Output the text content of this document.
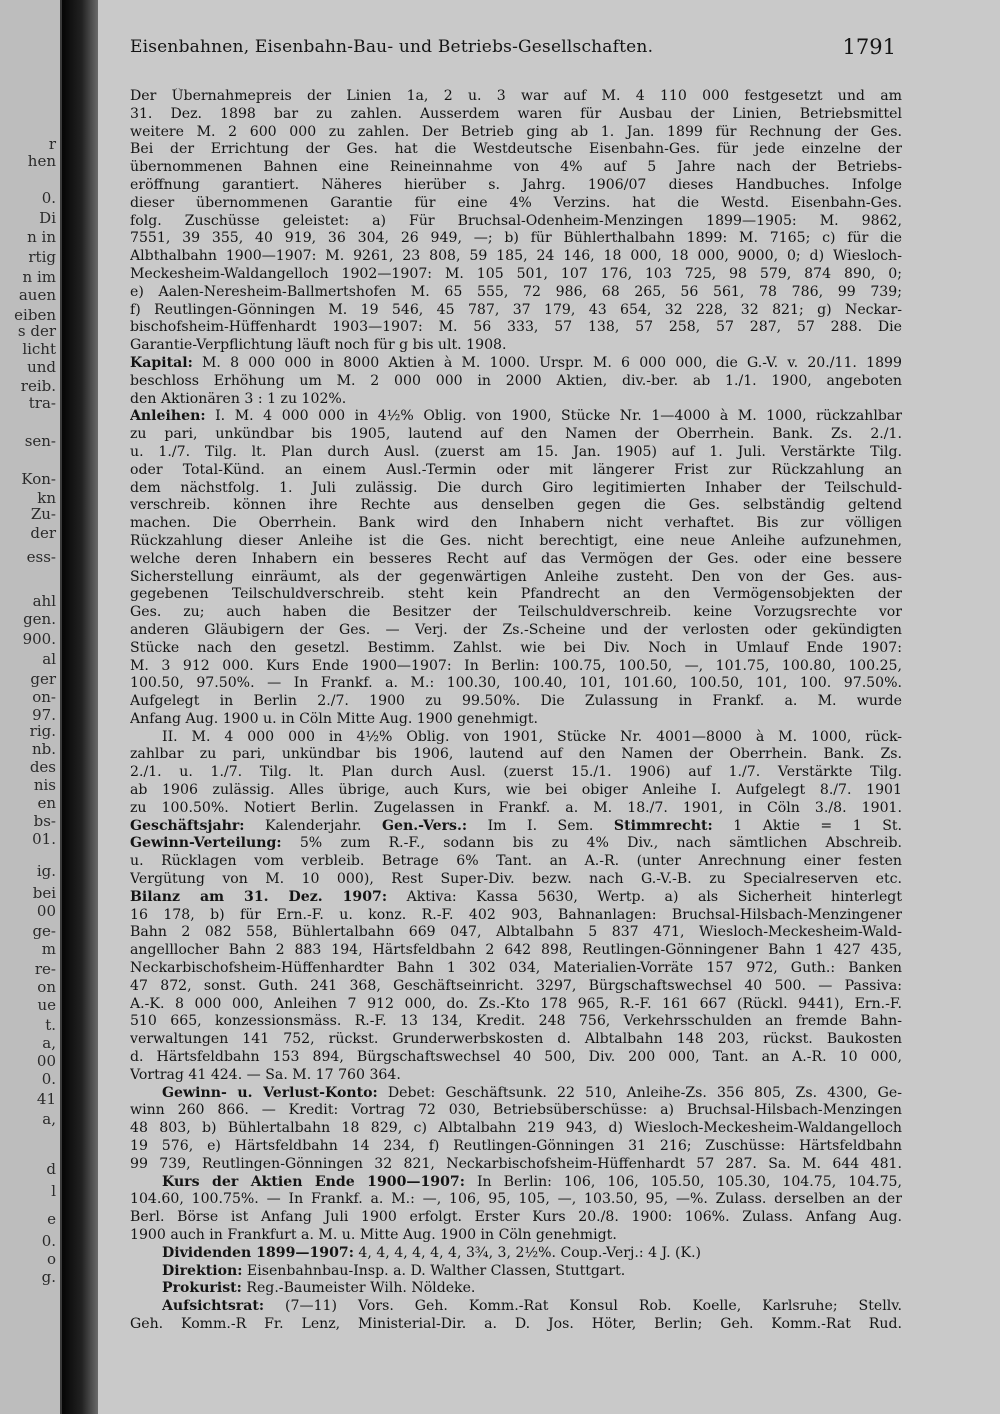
r
hen
0.
Di
n in
rtig
n im
auen
eiben
s der
licht
und
reib.
tra-
sen-
Kon-
kn
Zu-
der
ess-
ahl
gen.
900.
al
ger
on-
97.
rig.
nb.
des
nis
en
bs-
01.
ig.
bei
00
ge-
m
re-
on
ue
t.
a,
00
0.
41
a,
d
l
e
0.
o
g.
Eisenbahnen, Eisenbahn-Bau- und Betriebs-Gesellschaften.	1791
Der Übernahmepreis der Linien 1a, 2 u. 3 war auf M. 4 110 000 festgesetzt und am
31. Dez. 1898 bar zu zahlen. Ausserdem waren für Ausbau der Linien, Betriebsmittel
weitere M. 2 600 000 zu zahlen. Der Betrieb ging ab 1. Jan. 1899 für Rechnung der Ges.
Bei der Errichtung der Ges. hat die Westdeutsche Eisenbahn-Ges. für jede einzelne der
übernommenen Bahnen eine Reineinnahme von 4% auf 5 Jahre nach der Betriebs-
eröffnung garantiert. Näheres hierüber s. Jahrg. 1906/07 dieses Handbuches. Infolge
dieser übernommenen Garantie für eine 4% Verzins. hat die Westd. Eisenbahn-Ges.
folg. Zuschüsse geleistet: a) Für Bruchsal-Odenheim-Menzingen 1899—1905: M. 9862,
7551, 39 355, 40 919, 36 304, 26 949, —; b) für Bühlerthalbahn 1899: M. 7165; c) für die
Albthalbahn 1900—1907: M. 9261, 23 808, 59 185, 24 146, 18 000, 18 000, 9000, 0; d) Wiesloch-
Meckesheim-Waldangelloch 1902—1907: M. 105 501, 107 176, 103 725, 98 579, 874 890, 0;
e) Aalen-Neresheim-Ballmertshofen M. 65 555, 72 986, 68 265, 56 561, 78 786, 99 739;
f) Reutlingen-Gönningen M. 19 546, 45 787, 37 179, 43 654, 32 228, 32 821; g) Neckar-
bischofsheim-Hüffenhardt 1903—1907: M. 56 333, 57 138, 57 258, 57 287, 57 288. Die
Garantie-Verpflichtung läuft noch für g bis ult. 1908.
Kapital: M. 8 000 000 in 8000 Aktien à M. 1000. Urspr. M. 6 000 000, die G.-V. v. 20./11. 1899
beschloss Erhöhung um M. 2 000 000 in 2000 Aktien, div.-ber. ab 1./1. 1900, angeboten
den Aktionären 3 : 1 zu 102%.
Anleihen: I. M. 4 000 000 in 4½% Oblig. von 1900, Stücke Nr. 1—4000 à M. 1000, rückzahlbar
zu pari, unkündbar bis 1905, lautend auf den Namen der Oberrhein. Bank. Zs. 2./1.
u. 1./7. Tilg. lt. Plan durch Ausl. (zuerst am 15. Jan. 1905) auf 1. Juli. Verstärkte Tilg.
oder Total-Künd. an einem Ausl.-Termin oder mit längerer Frist zur Rückzahlung an
dem nächstfolg. 1. Juli zulässig. Die durch Giro legitimierten Inhaber der Teilschuld-
verschreib. können ihre Rechte aus denselben gegen die Ges. selbständig geltend
machen. Die Oberrhein. Bank wird den Inhabern nicht verhaftet. Bis zur völligen
Rückzahlung dieser Anleihe ist die Ges. nicht berechtigt, eine neue Anleihe aufzunehmen,
welche deren Inhabern ein besseres Recht auf das Vermögen der Ges. oder eine bessere
Sicherstellung einräumt, als der gegenwärtigen Anleihe zusteht. Den von der Ges. aus-
gegebenen Teilschuldverschreib. steht kein Pfandrecht an den Vermögensobjekten der
Ges. zu; auch haben die Besitzer der Teilschuldverschreib. keine Vorzugsrechte vor
anderen Gläubigern der Ges. — Verj. der Zs.-Scheine und der verlosten oder gekündigten
Stücke nach den gesetzl. Bestimm. Zahlst. wie bei Div. Noch in Umlauf Ende 1907:
M. 3 912 000. Kurs Ende 1900—1907: In Berlin: 100.75, 100.50, —, 101.75, 100.80, 100.25,
100.50, 97.50%. — In Frankf. a. M.: 100.30, 100.40, 101, 101.60, 100.50, 101, 100. 97.50%.
Aufgelegt in Berlin 2./7. 1900 zu 99.50%. Die Zulassung in Frankf. a. M. wurde
Anfang Aug. 1900 u. in Cöln Mitte Aug. 1900 genehmigt.
II. M. 4 000 000 in 4½% Oblig. von 1901, Stücke Nr. 4001—8000 à M. 1000, rück-
zahlbar zu pari, unkündbar bis 1906, lautend auf den Namen der Oberrhein. Bank. Zs.
2./1. u. 1./7. Tilg. lt. Plan durch Ausl. (zuerst 15./1. 1906) auf 1./7. Verstärkte Tilg.
ab 1906 zulässig. Alles übrige, auch Kurs, wie bei obiger Anleihe I. Aufgelegt 8./7. 1901
zu 100.50%. Notiert Berlin. Zugelassen in Frankf. a. M. 18./7. 1901, in Cöln 3./8. 1901.
Geschäftsjahr: Kalenderjahr. Gen.-Vers.: Im I. Sem. Stimmrecht: 1 Aktie = 1 St.
Gewinn-Verteilung: 5% zum R.-F., sodann bis zu 4% Div., nach sämtlichen Abschreib.
u. Rücklagen vom verbleib. Betrage 6% Tant. an A.-R. (unter Anrechnung einer festen
Vergütung von M. 10 000), Rest Super-Div. bezw. nach G.-V.-B. zu Specialreserven etc.
Bilanz am 31. Dez. 1907: Aktiva: Kassa 5630, Wertp. a) als Sicherheit hinterlegt
16 178, b) für Ern.-F. u. konz. R.-F. 402 903, Bahnanlagen: Bruchsal-Hilsbach-Menzingener
Bahn 2 082 558, Bühlertalbahn 669 047, Albtalbahn 5 837 471, Wiesloch-Meckesheim-Wald-
angelllocher Bahn 2 883 194, Härtsfeldbahn 2 642 898, Reutlingen-Gönningener Bahn 1 427 435,
Neckarbischofsheim-Hüffenhardter Bahn 1 302 034, Materialien-Vorräte 157 972, Guth.: Banken
47 872, sonst. Guth. 241 368, Geschäftseinricht. 3297, Bürgschaftswechsel 40 500. — Passiva:
A.-K. 8 000 000, Anleihen 7 912 000, do. Zs.-Kto 178 965, R.-F. 161 667 (Rückl. 9441), Ern.-F.
510 665, konzessionsmäss. R.-F. 13 134, Kredit. 248 756, Verkehrsschulden an fremde Bahn-
verwaltungen 141 752, rückst. Grunderwerbskosten d. Albtalbahn 148 203, rückst. Baukosten
d. Härtsfeldbahn 153 894, Bürgschaftswechsel 40 500, Div. 200 000, Tant. an A.-R. 10 000,
Vortrag 41 424. — Sa. M. 17 760 364.
Gewinn- u. Verlust-Konto: Debet: Geschäftsunk. 22 510, Anleihe-Zs. 356 805, Zs. 4300, Ge-
winn 260 866. — Kredit: Vortrag 72 030, Betriebsüberschüsse: a) Bruchsal-Hilsbach-Menzingen
48 803, b) Bühlertalbahn 18 829, c) Albtalbahn 219 943, d) Wiesloch-Meckesheim-Waldangelloch
19 576, e) Härtsfeldbahn 14 234, f) Reutlingen-Gönningen 31 216; Zuschüsse: Härtsfeldbahn
99 739, Reutlingen-Gönningen 32 821, Neckarbischofsheim-Hüffenhardt 57 287. Sa. M. 644 481.
Kurs der Aktien Ende 1900—1907: In Berlin: 106, 106, 105.50, 105.30, 104.75, 104.75,
104.60, 100.75%. — In Frankf. a. M.: —, 106, 95, 105, —, 103.50, 95, —%. Zulass. derselben an der
Berl. Börse ist Anfang Juli 1900 erfolgt. Erster Kurs 20./8. 1900: 106%. Zulass. Anfang Aug.
1900 auch in Frankfurt a. M. u. Mitte Aug. 1900 in Cöln genehmigt.
Dividenden 1899—1907: 4, 4, 4, 4, 4, 4, 3¾, 3, 2½%. Coup.-Verj.: 4 J. (K.)
Direktion: Eisenbahnbau-Insp. a. D. Walther Classen, Stuttgart.
Prokurist: Reg.-Baumeister Wilh. Nöldeke.
Aufsichtsrat: (7—11) Vors. Geh. Komm.-Rat Konsul Rob. Koelle, Karlsruhe; Stellv.
Geh. Komm.-R Fr. Lenz, Ministerial-Dir. a. D. Jos. Höter, Berlin; Geh. Komm.-Rat Rud.
